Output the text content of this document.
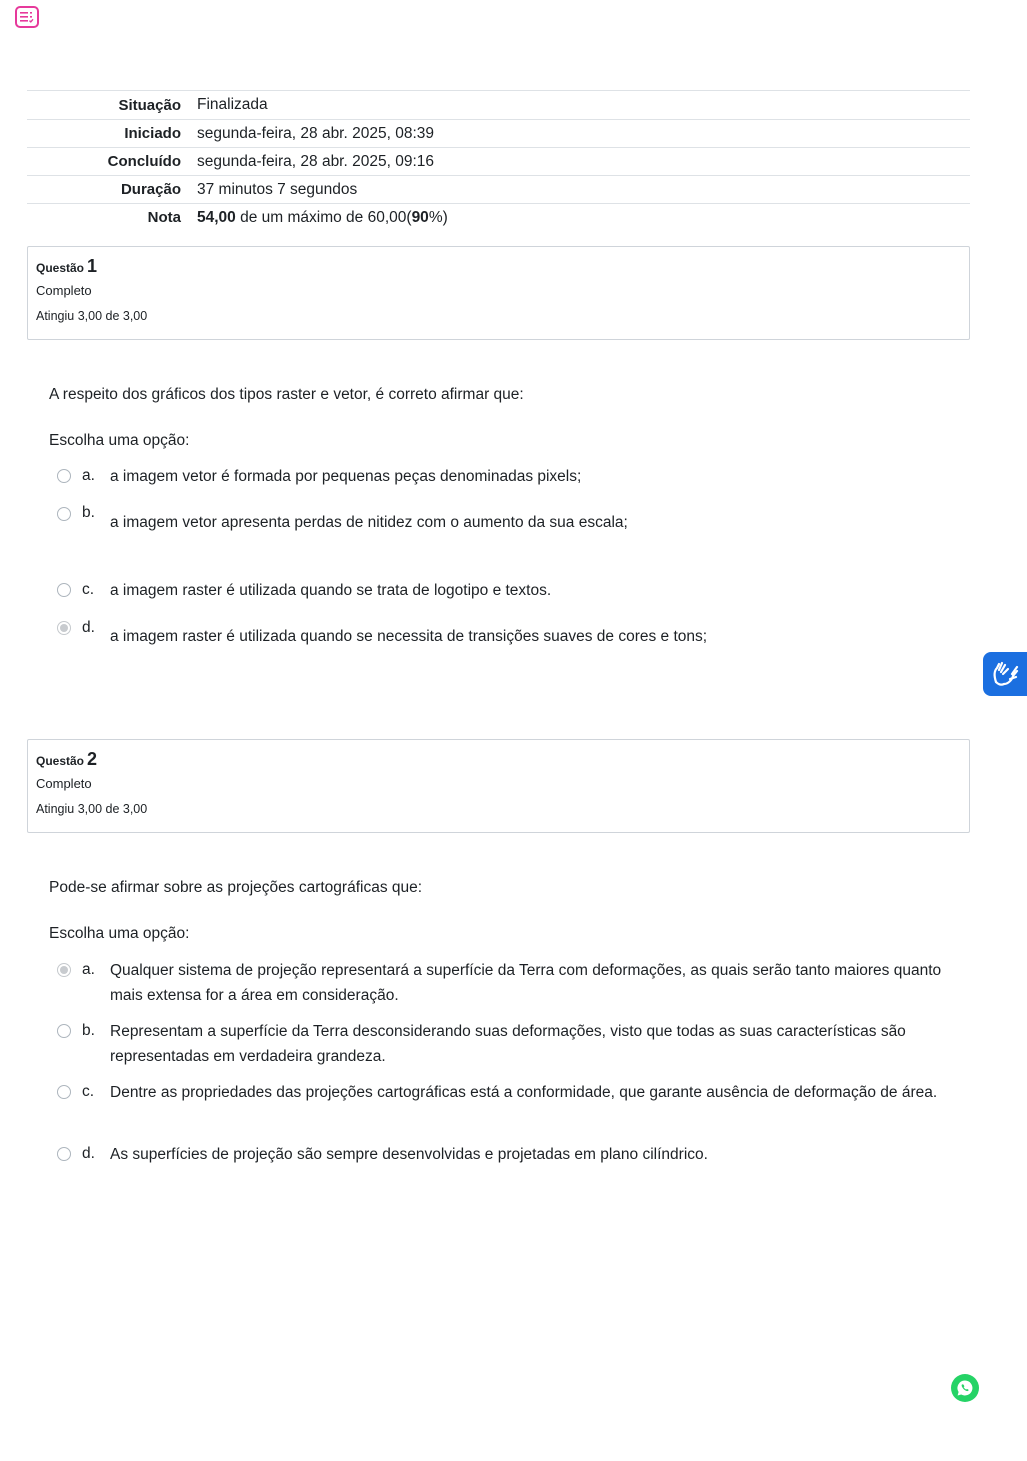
Situação	Finalizada
Iniciado	segunda-feira, 28 abr. 2025, 08:39
Concluído	segunda-feira, 28 abr. 2025, 09:16
Duração	37 minutos 7 segundos
Nota	54,00 de um máximo de 60,00(90%)
Questão 1
Completo
Atingiu 3,00 de 3,00
A respeito dos gráficos dos tipos raster e vetor, é correto afirmar que:
Escolha uma opção:
a. a imagem vetor é formada por pequenas peças denominadas pixels;
b.
a imagem vetor apresenta perdas de nitidez com o aumento da sua escala;
c. a imagem raster é utilizada quando se trata de logotipo e textos.
d.
a imagem raster é utilizada quando se necessita de transições suaves de cores e tons;
Questão 2
Completo
Atingiu 3,00 de 3,00
Pode-se afirmar sobre as projeções cartográficas que:
Escolha uma opção:
a. Qualquer sistema de projeção representará a superfície da Terra com deformações, as quais serão tanto maiores quanto mais extensa for a área em consideração.
b. Representam a superfície da Terra desconsiderando suas deformações, visto que todas as suas características são representadas em verdadeira grandeza.
c. Dentre as propriedades das projeções cartográficas está a conformidade, que garante ausência de deformação de área.
d. As superfícies de projeção são sempre desenvolvidas e projetadas em plano cilíndrico.
